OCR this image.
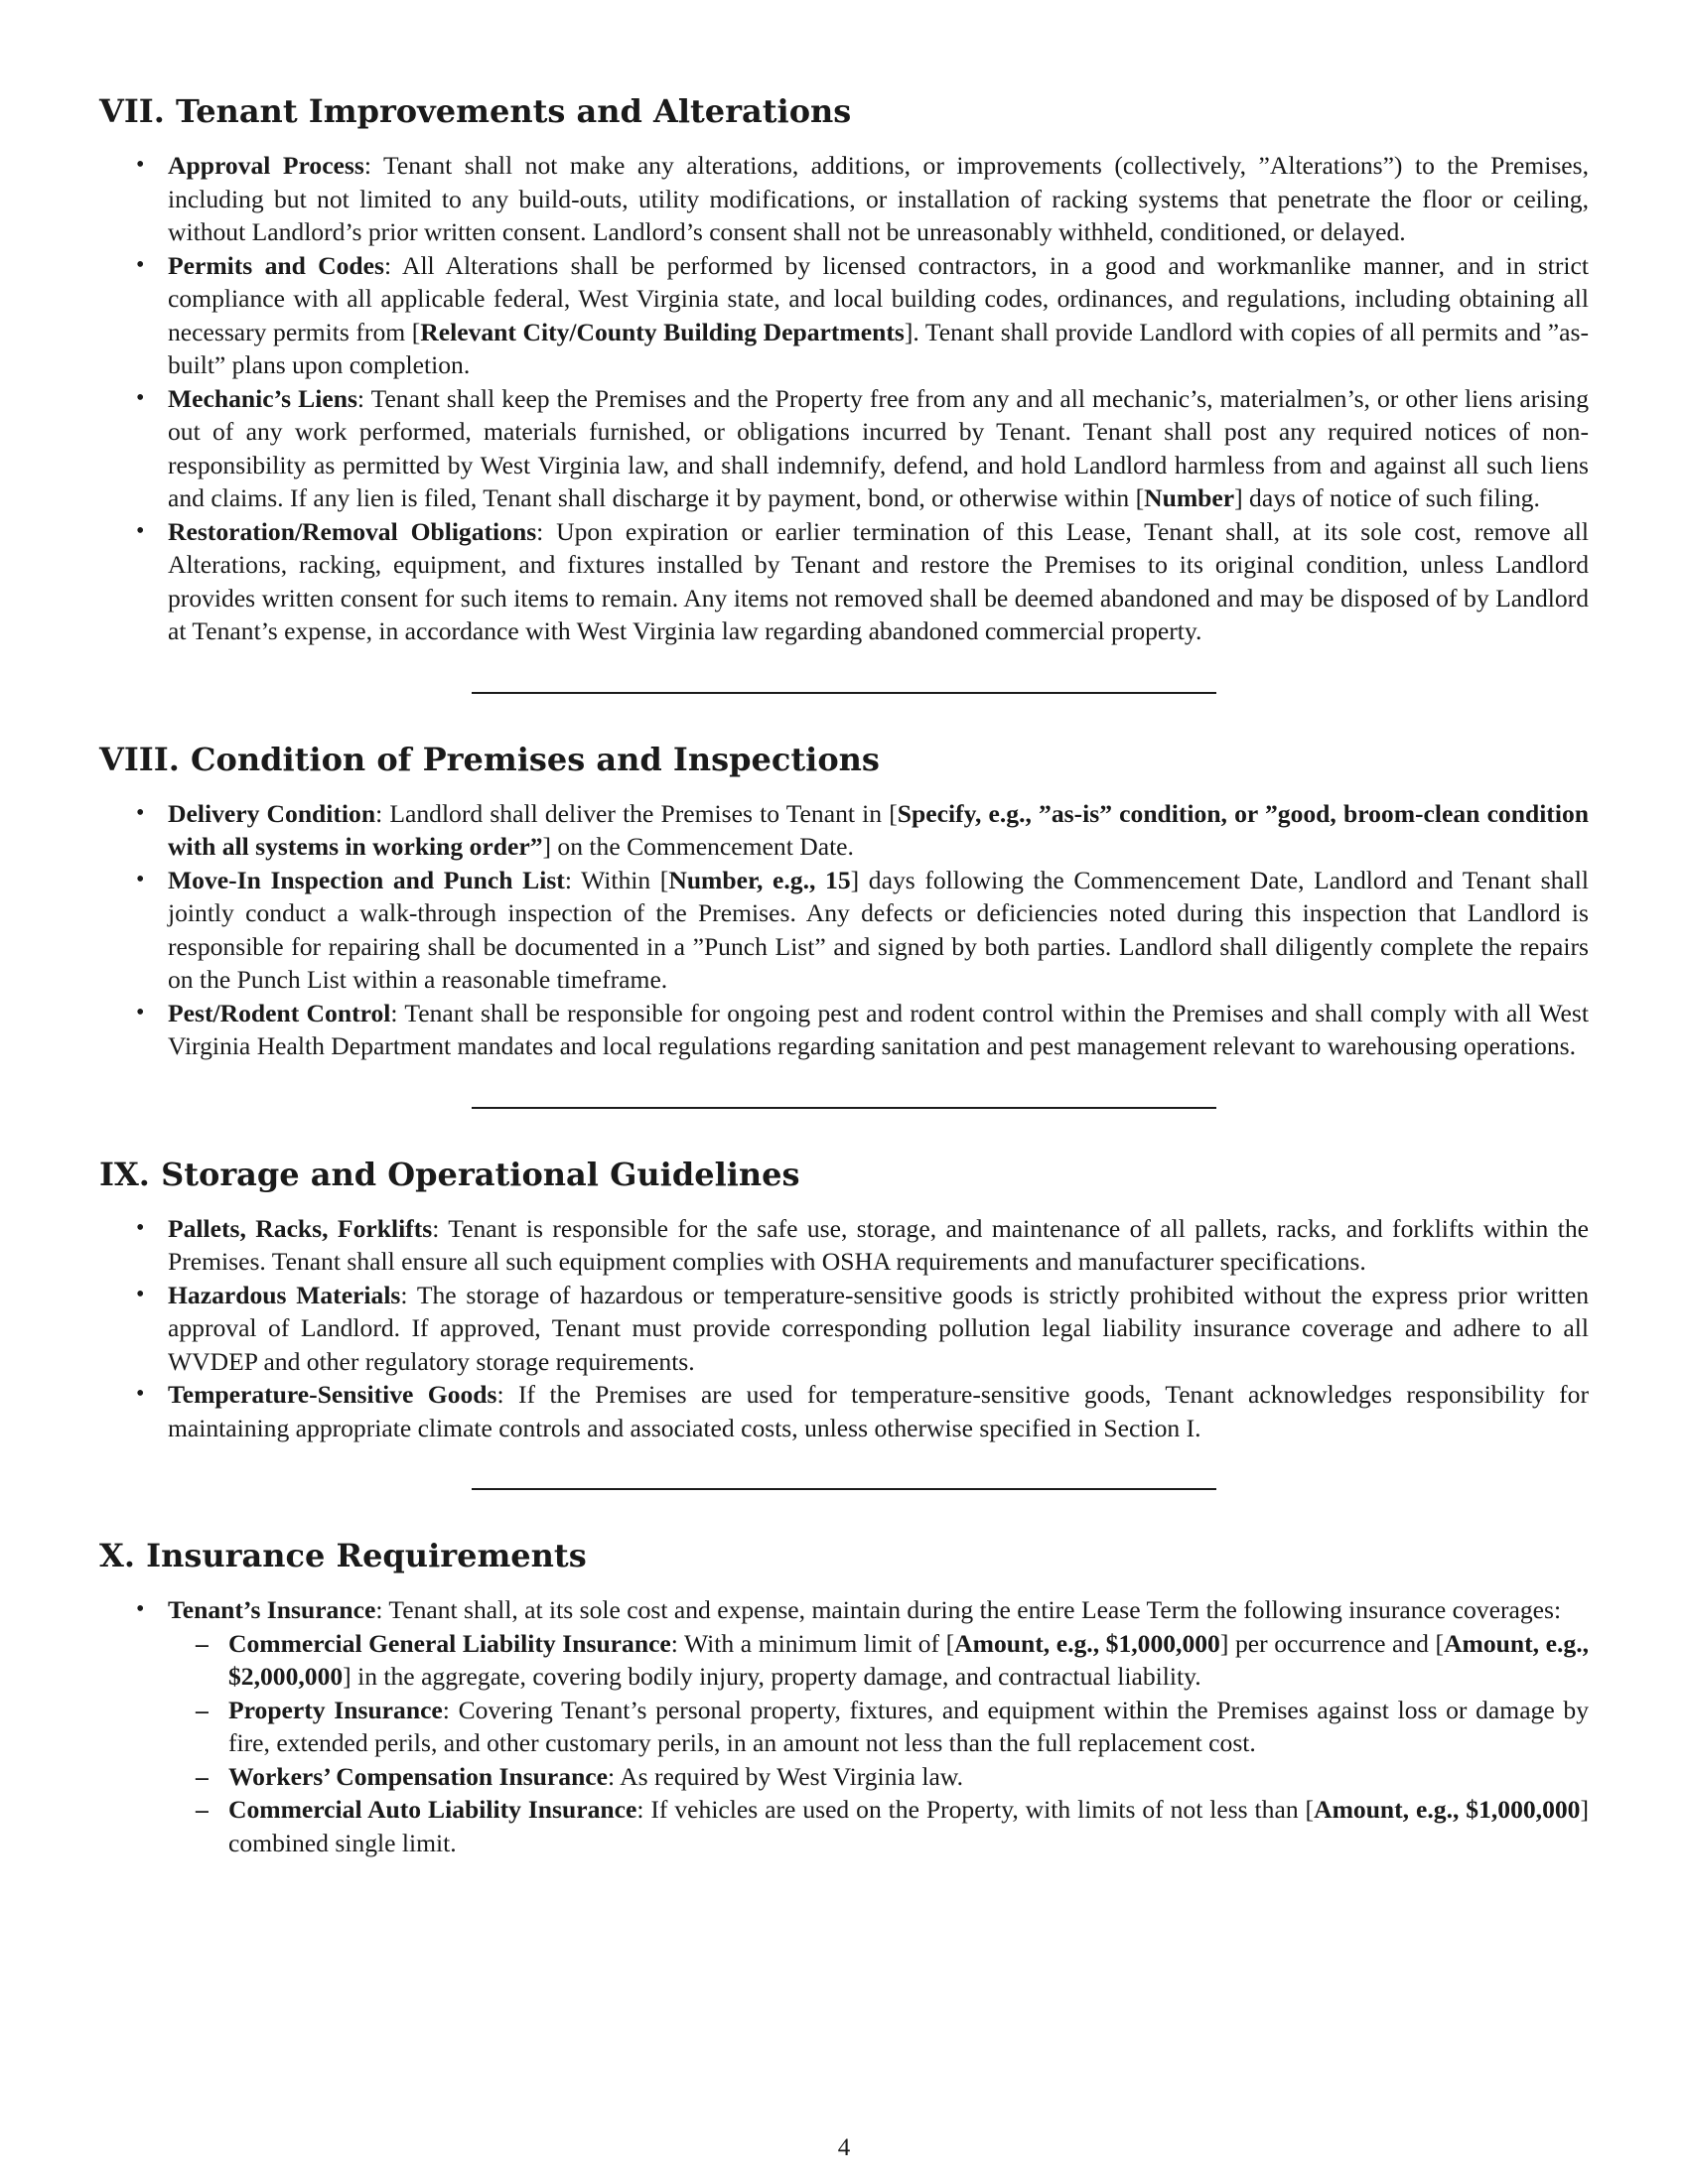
VII. Tenant Improvements and Alterations
• Approval Process: Tenant shall not make any alterations, additions, or improvements (collectively, ”Alterations”) to the Premises, including but not limited to any build-outs, utility modifications, or installation of racking systems that penetrate the floor or ceiling, without Landlord’s prior written consent. Landlord’s consent shall not be unreasonably withheld, conditioned, or delayed.
• Permits and Codes: All Alterations shall be performed by licensed contractors, in a good and workmanlike manner, and in strict compliance with all applicable federal, West Virginia state, and local building codes, ordinances, and regulations, including obtaining all necessary permits from [Relevant City/County Building Departments]. Tenant shall provide Landlord with copies of all permits and ”as-built” plans upon completion.
• Mechanic’s Liens: Tenant shall keep the Premises and the Property free from any and all mechanic’s, materialmen’s, or other liens arising out of any work performed, materials furnished, or obligations incurred by Tenant. Tenant shall post any required notices of non-responsibility as permitted by West Virginia law, and shall indemnify, defend, and hold Landlord harmless from and against all such liens and claims. If any lien is filed, Tenant shall discharge it by payment, bond, or otherwise within [Number] days of notice of such filing.
• Restoration/Removal Obligations: Upon expiration or earlier termination of this Lease, Tenant shall, at its sole cost, remove all Alterations, racking, equipment, and fixtures installed by Tenant and restore the Premises to its original condition, unless Landlord provides written consent for such items to remain. Any items not removed shall be deemed abandoned and may be disposed of by Landlord at Tenant’s expense, in accordance with West Virginia law regarding abandoned commercial property.
VIII. Condition of Premises and Inspections
• Delivery Condition: Landlord shall deliver the Premises to Tenant in [Specify, e.g., ”as-is” condition, or ”good, broom-clean condition with all systems in working order”] on the Commencement Date.
• Move-In Inspection and Punch List: Within [Number, e.g., 15] days following the Commencement Date, Landlord and Tenant shall jointly conduct a walk-through inspection of the Premises. Any defects or deficiencies noted during this inspection that Landlord is responsible for repairing shall be documented in a ”Punch List” and signed by both parties. Landlord shall diligently complete the repairs on the Punch List within a reasonable timeframe.
• Pest/Rodent Control: Tenant shall be responsible for ongoing pest and rodent control within the Premises and shall comply with all West Virginia Health Department mandates and local regulations regarding sanitation and pest management relevant to warehousing operations.
IX. Storage and Operational Guidelines
• Pallets, Racks, Forklifts: Tenant is responsible for the safe use, storage, and maintenance of all pallets, racks, and forklifts within the Premises. Tenant shall ensure all such equipment complies with OSHA requirements and manufacturer specifications.
• Hazardous Materials: The storage of hazardous or temperature-sensitive goods is strictly prohibited without the express prior written approval of Landlord. If approved, Tenant must provide corresponding pollution legal liability insurance coverage and adhere to all WVDEP and other regulatory storage requirements.
• Temperature-Sensitive Goods: If the Premises are used for temperature-sensitive goods, Tenant acknowledges responsibility for maintaining appropriate climate controls and associated costs, unless otherwise specified in Section I.
X. Insurance Requirements
• Tenant’s Insurance: Tenant shall, at its sole cost and expense, maintain during the entire Lease Term the following insurance coverages:
– Commercial General Liability Insurance: With a minimum limit of [Amount, e.g., $1,000,000] per occurrence and [Amount, e.g., $2,000,000] in the aggregate, covering bodily injury, property damage, and contractual liability.
– Property Insurance: Covering Tenant’s personal property, fixtures, and equipment within the Premises against loss or damage by fire, extended perils, and other customary perils, in an amount not less than the full replacement cost.
– Workers’ Compensation Insurance: As required by West Virginia law.
– Commercial Auto Liability Insurance: If vehicles are used on the Property, with limits of not less than [Amount, e.g., $1,000,000] combined single limit.
4
